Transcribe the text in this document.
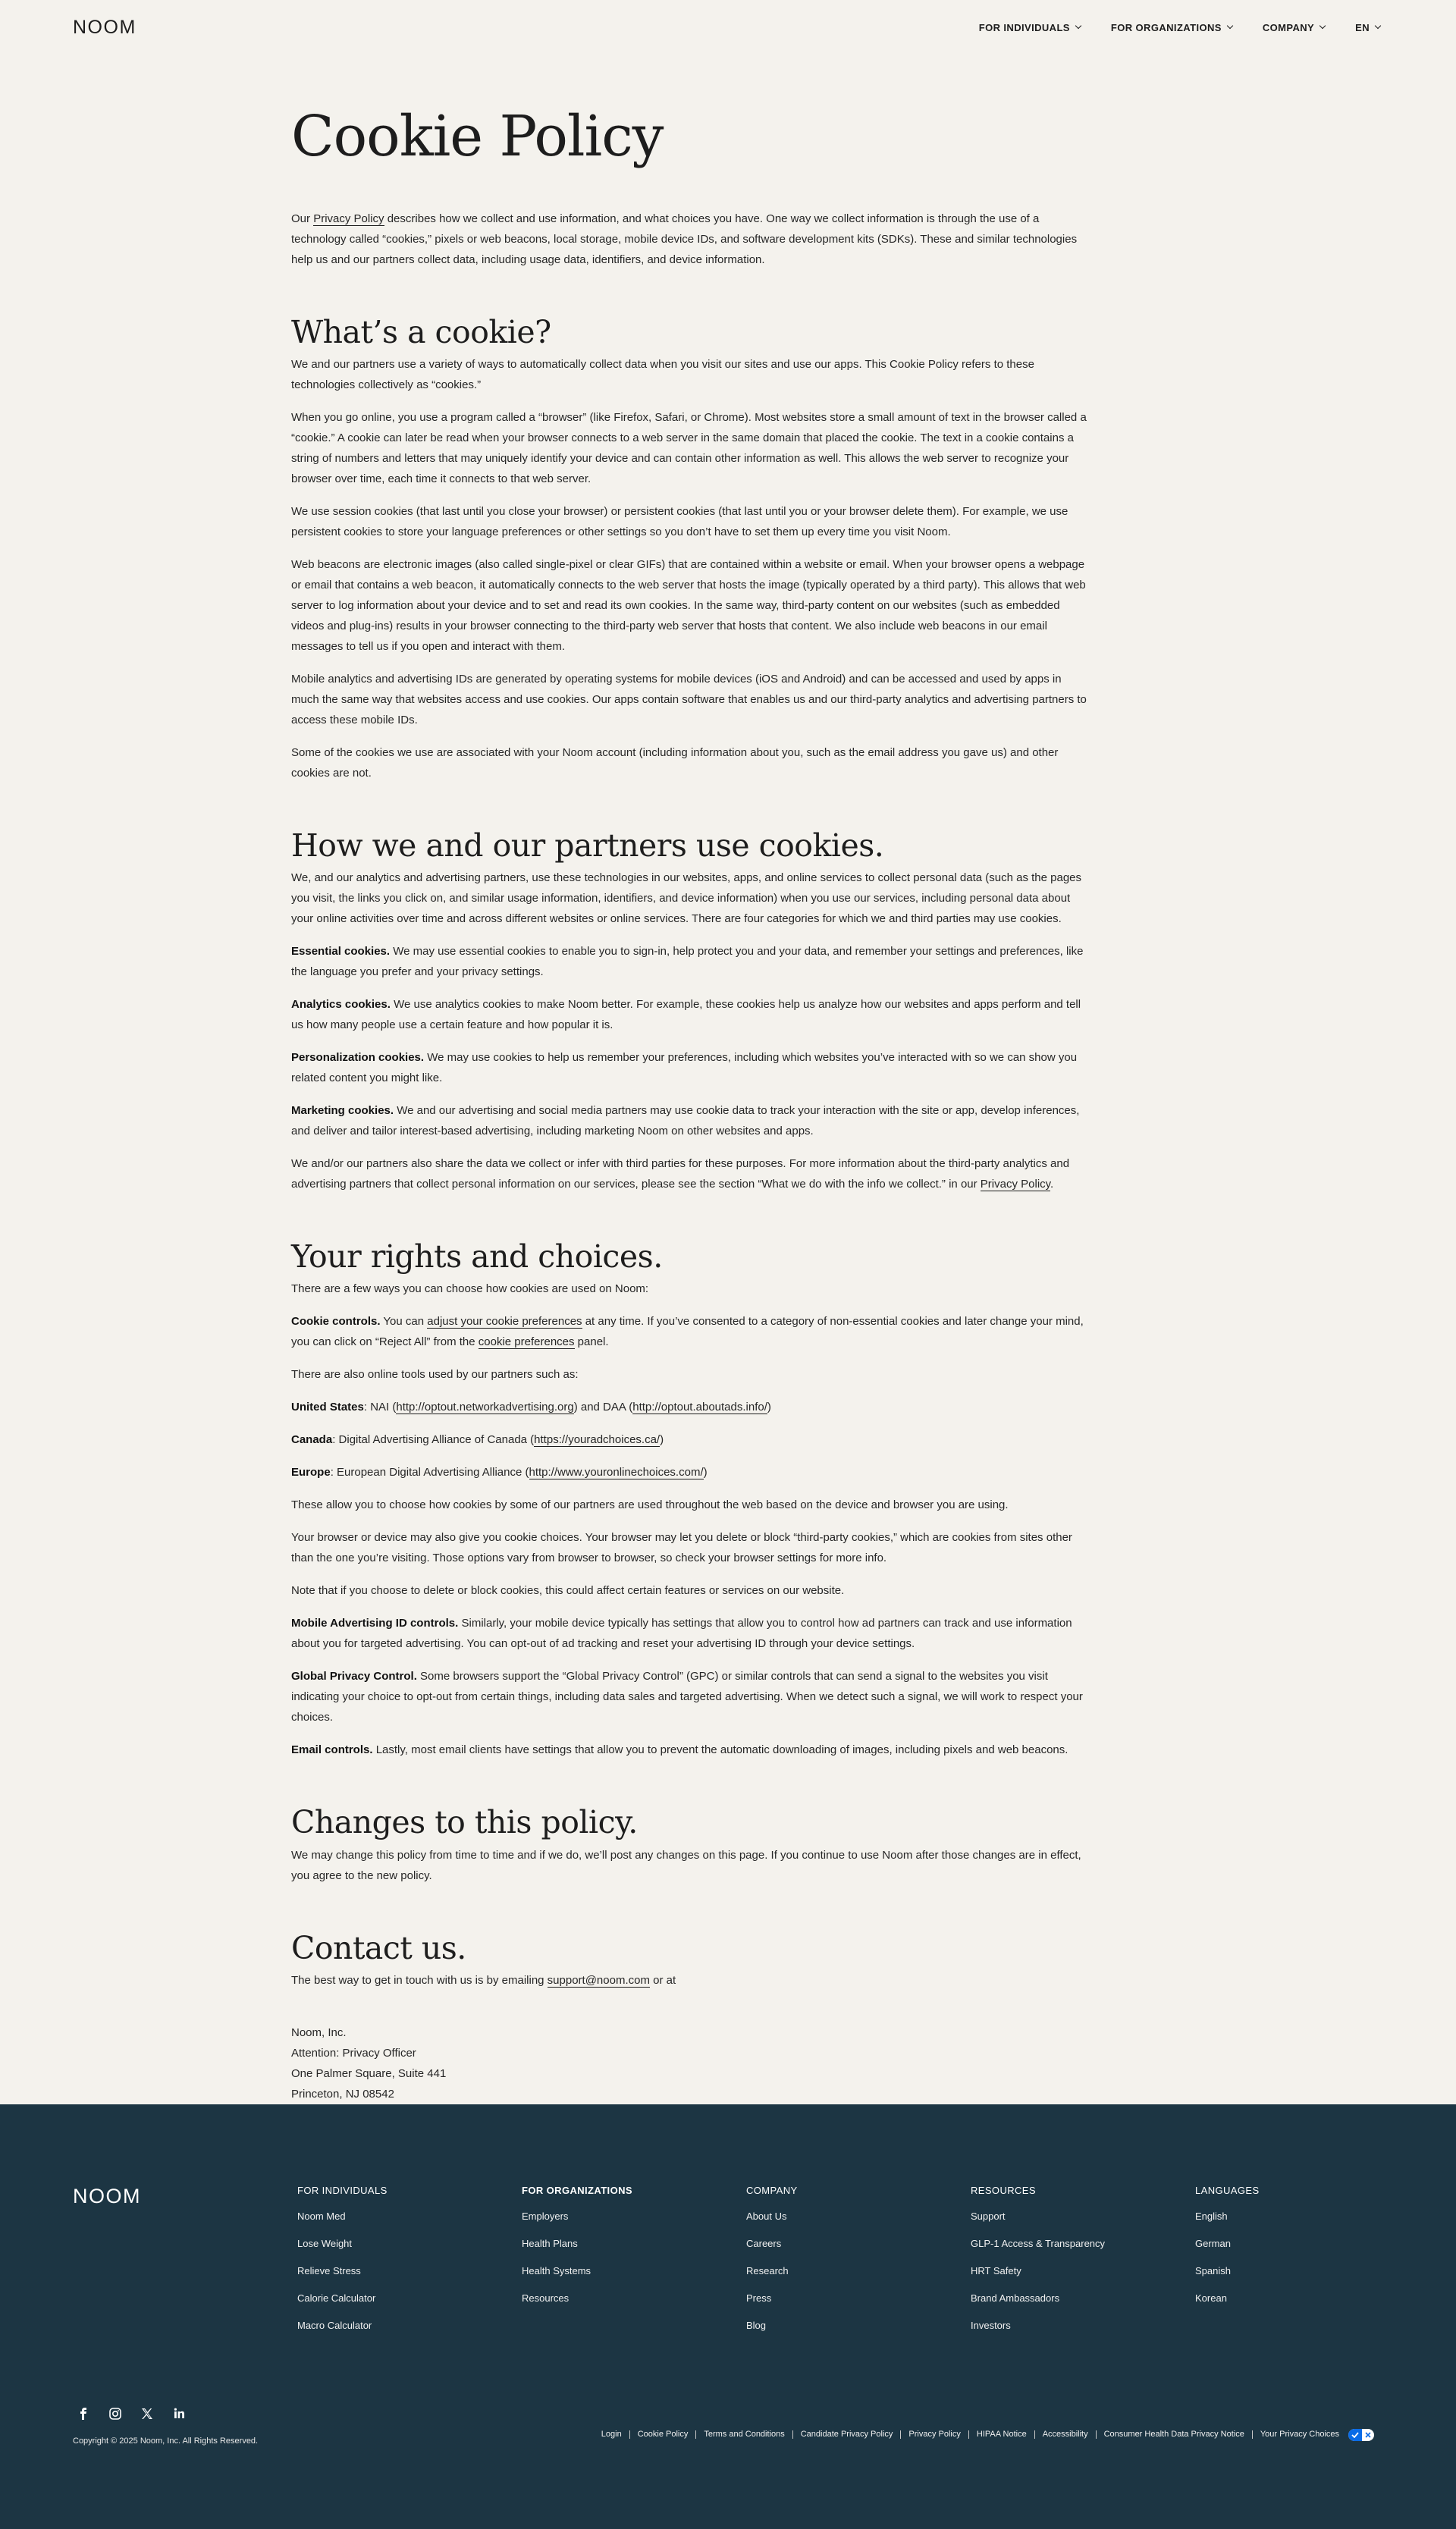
NOOM	FOR INDIVIDUALS	FOR ORGANIZATIONS	COMPANY	EN
Cookie Policy

Our Privacy Policy describes how we collect and use information, and what choices you have. One way we collect information is through the use of a technology called “cookies,” pixels or web beacons, local storage, mobile device IDs, and software development kits (SDKs). These and similar technologies help us and our partners collect data, including usage data, identifiers, and device information.

What’s a cookie?

We and our partners use a variety of ways to automatically collect data when you visit our sites and use our apps. This Cookie Policy refers to these technologies collectively as “cookies.”

When you go online, you use a program called a “browser” (like Firefox, Safari, or Chrome). Most websites store a small amount of text in the browser called a “cookie.” A cookie can later be read when your browser connects to a web server in the same domain that placed the cookie. The text in a cookie contains a string of numbers and letters that may uniquely identify your device and can contain other information as well. This allows the web server to recognize your browser over time, each time it connects to that web server.

We use session cookies (that last until you close your browser) or persistent cookies (that last until you or your browser delete them). For example, we use persistent cookies to store your language preferences or other settings so you don’t have to set them up every time you visit Noom.

Web beacons are electronic images (also called single-pixel or clear GIFs) that are contained within a website or email. When your browser opens a webpage or email that contains a web beacon, it automatically connects to the web server that hosts the image (typically operated by a third party). This allows that web server to log information about your device and to set and read its own cookies. In the same way, third-party content on our websites (such as embedded videos and plug-ins) results in your browser connecting to the third-party web server that hosts that content. We also include web beacons in our email messages to tell us if you open and interact with them.

Mobile analytics and advertising IDs are generated by operating systems for mobile devices (iOS and Android) and can be accessed and used by apps in much the same way that websites access and use cookies. Our apps contain software that enables us and our third-party analytics and advertising partners to access these mobile IDs.

Some of the cookies we use are associated with your Noom account (including information about you, such as the email address you gave us) and other cookies are not.

How we and our partners use cookies.

We, and our analytics and advertising partners, use these technologies in our websites, apps, and online services to collect personal data (such as the pages you visit, the links you click on, and similar usage information, identifiers, and device information) when you use our services, including personal data about your online activities over time and across different websites or online services. There are four categories for which we and third parties may use cookies.

Essential cookies. We may use essential cookies to enable you to sign-in, help protect you and your data, and remember your settings and preferences, like the language you prefer and your privacy settings.

Analytics cookies. We use analytics cookies to make Noom better. For example, these cookies help us analyze how our websites and apps perform and tell us how many people use a certain feature and how popular it is.

Personalization cookies. We may use cookies to help us remember your preferences, including which websites you’ve interacted with so we can show you related content you might like.

Marketing cookies. We and our advertising and social media partners may use cookie data to track your interaction with the site or app, develop inferences, and deliver and tailor interest-based advertising, including marketing Noom on other websites and apps.

We and/or our partners also share the data we collect or infer with third parties for these purposes. For more information about the third-party analytics and advertising partners that collect personal information on our services, please see the section “What we do with the info we collect.” in our Privacy Policy.

Your rights and choices.

There are a few ways you can choose how cookies are used on Noom:

Cookie controls. You can adjust your cookie preferences at any time. If you’ve consented to a category of non-essential cookies and later change your mind, you can click on “Reject All” from the cookie preferences panel.

There are also online tools used by our partners such as:

United States: NAI (http://optout.networkadvertising.org) and DAA (http://optout.aboutads.info/)

Canada: Digital Advertising Alliance of Canada (https://youradchoices.ca/)

Europe: European Digital Advertising Alliance (http://www.youronlinechoices.com/)

These allow you to choose how cookies by some of our partners are used throughout the web based on the device and browser you are using.

Your browser or device may also give you cookie choices. Your browser may let you delete or block “third-party cookies,” which are cookies from sites other than the one you’re visiting. Those options vary from browser to browser, so check your browser settings for more info.

Note that if you choose to delete or block cookies, this could affect certain features or services on our website.

Mobile Advertising ID controls. Similarly, your mobile device typically has settings that allow you to control how ad partners can track and use information about you for targeted advertising. You can opt-out of ad tracking and reset your advertising ID through your device settings.

Global Privacy Control. Some browsers support the “Global Privacy Control” (GPC) or similar controls that can send a signal to the websites you visit indicating your choice to opt-out from certain things, including data sales and targeted advertising. When we detect such a signal, we will work to respect your choices.

Email controls. Lastly, most email clients have settings that allow you to prevent the automatic downloading of images, including pixels and web beacons.

Changes to this policy.

We may change this policy from time to time and if we do, we’ll post any changes on this page. If you continue to use Noom after those changes are in effect, you agree to the new policy.

Contact us.

The best way to get in touch with us is by emailing support@noom.com or at

Noom, Inc.

Attention: Privacy Officer

One Palmer Square, Suite 441

Princeton, NJ 08542

NOOM	FOR INDIVIDUALS
Noom Med
Lose Weight
Relieve Stress
Calorie Calculator
Macro Calculator
FOR ORGANIZATIONS
Employers
Health Plans
Health Systems
Resources
COMPANY
About Us
Careers
Research
Press
Blog
RESOURCES
Support
GLP-1 Access & Transparency
HRT Safety
Brand Ambassadors
Investors
LANGUAGES
English
German
Spanish
Korean
Copyright © 2025 Noom, Inc. All Rights Reserved.
Login	Cookie Policy	Terms and Conditions	Candidate Privacy Policy	Privacy Policy	HIPAA Notice	Accessibility	Consumer Health Data Privacy Notice	Your Privacy Choices
